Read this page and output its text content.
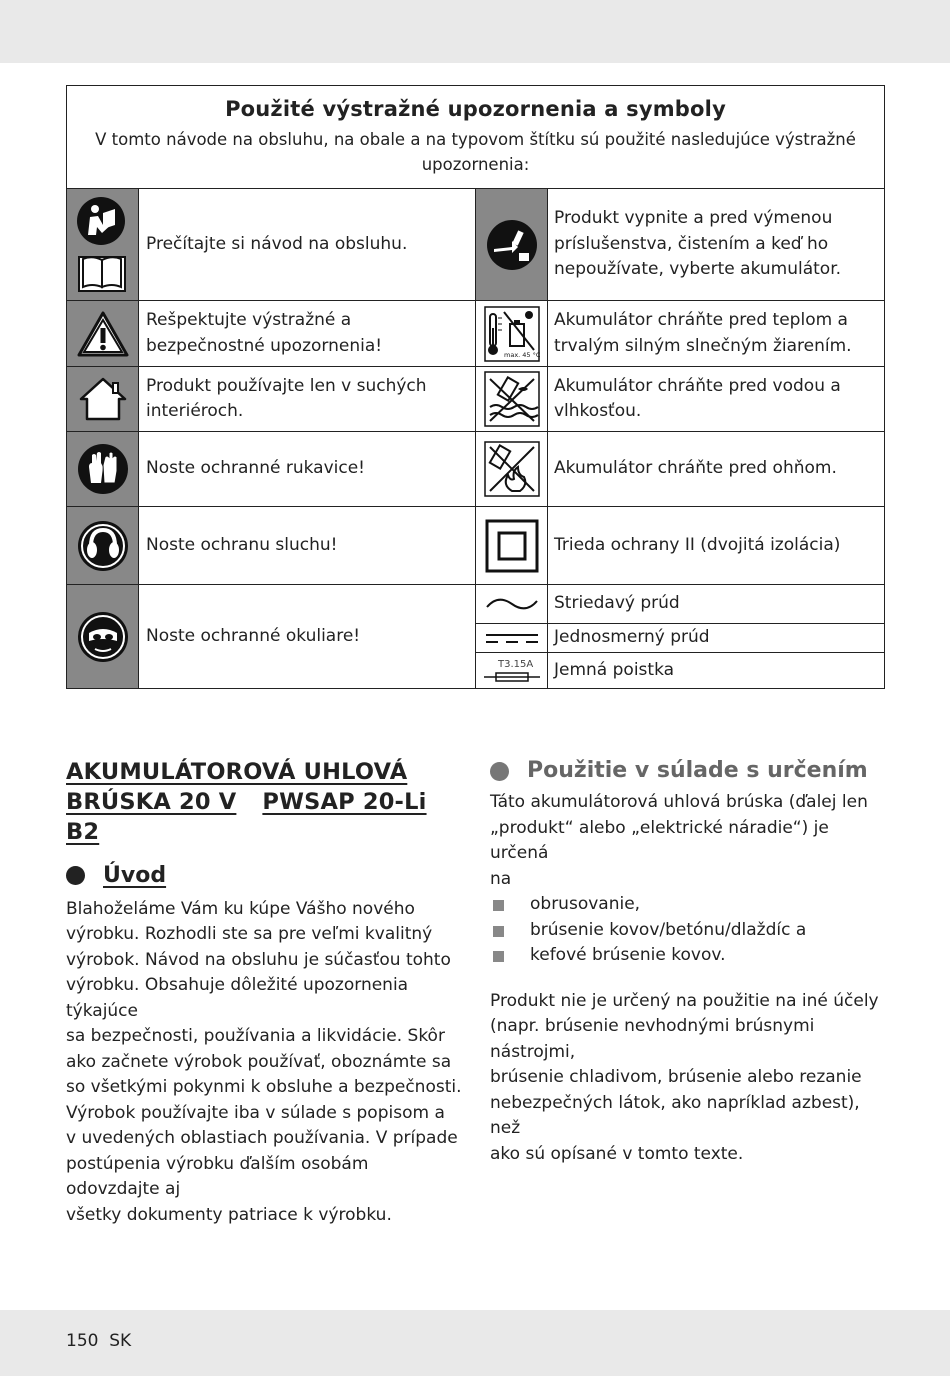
Použité výstražné upozornenia a symboly
V tomto návode na obsluhu, na obale a na typovom štítku sú použité nasledujúce výstražné upozornenia:			

	Prečítajte si návod na obsluhu.		Produkt vypnite a pred výmenou príslušenstva, čistením a keď ho nepoužívate, vyberte akumulátor.

	Rešpektujte výstražné a bezpečnostné upozornenia!	max. 45 °C	Akumulátor chráňte pred teplom a trvalým silným slnečným žiarením.

	Produkt používajte len v suchých interiéroch.		Akumulátor chráňte pred vodou a vlhkosťou.

	Noste ochranné rukavice!		Akumulátor chráňte pred ohňom.

	Noste ochranu sluchu!		Trieda ochrany II (dvojitá izolácia)

	Noste ochranné okuliare!		Striedavý prúd

	Jednosmerný prúd

T3.15A	Jemná poistka
AKUMULÁTOROVÁ UHLOVÁ
BRÚSKA 20 V PWSAP 20-Li B2
Úvod
Blahoželáme Vám ku kúpe Vášho nového
výrobku. Rozhodli ste sa pre veľmi kvalitný
výrobok. Návod na obsluhu je súčasťou tohto
výrobku. Obsahuje dôležité upozornenia týkajúce
sa bezpečnosti, používania a likvidácie. Skôr
ako začnete výrobok používať, oboznámte sa
so všetkými pokynmi k obsluhe a bezpečnosti.
Výrobok používajte iba v súlade s popisom a
v uvedených oblastiach používania. V prípade
postúpenia výrobku ďalším osobám odovzdajte aj
všetky dokumenty patriace k výrobku.
Použitie v súlade s určením
Táto akumulátorová uhlová brúska (ďalej len
„produkt“ alebo „elektrické náradie“) je určená
na
obrusovanie,
brúsenie kovov/betónu/dlaždíc a
kefové brúsenie kovov.
Produkt nie je určený na použitie na iné účely
(napr. brúsenie nevhodnými brúsnymi nástrojmi,
brúsenie chladivom, brúsenie alebo rezanie
nebezpečných látok, ako napríklad azbest), než
ako sú opísané v tomto texte.
150 SK
